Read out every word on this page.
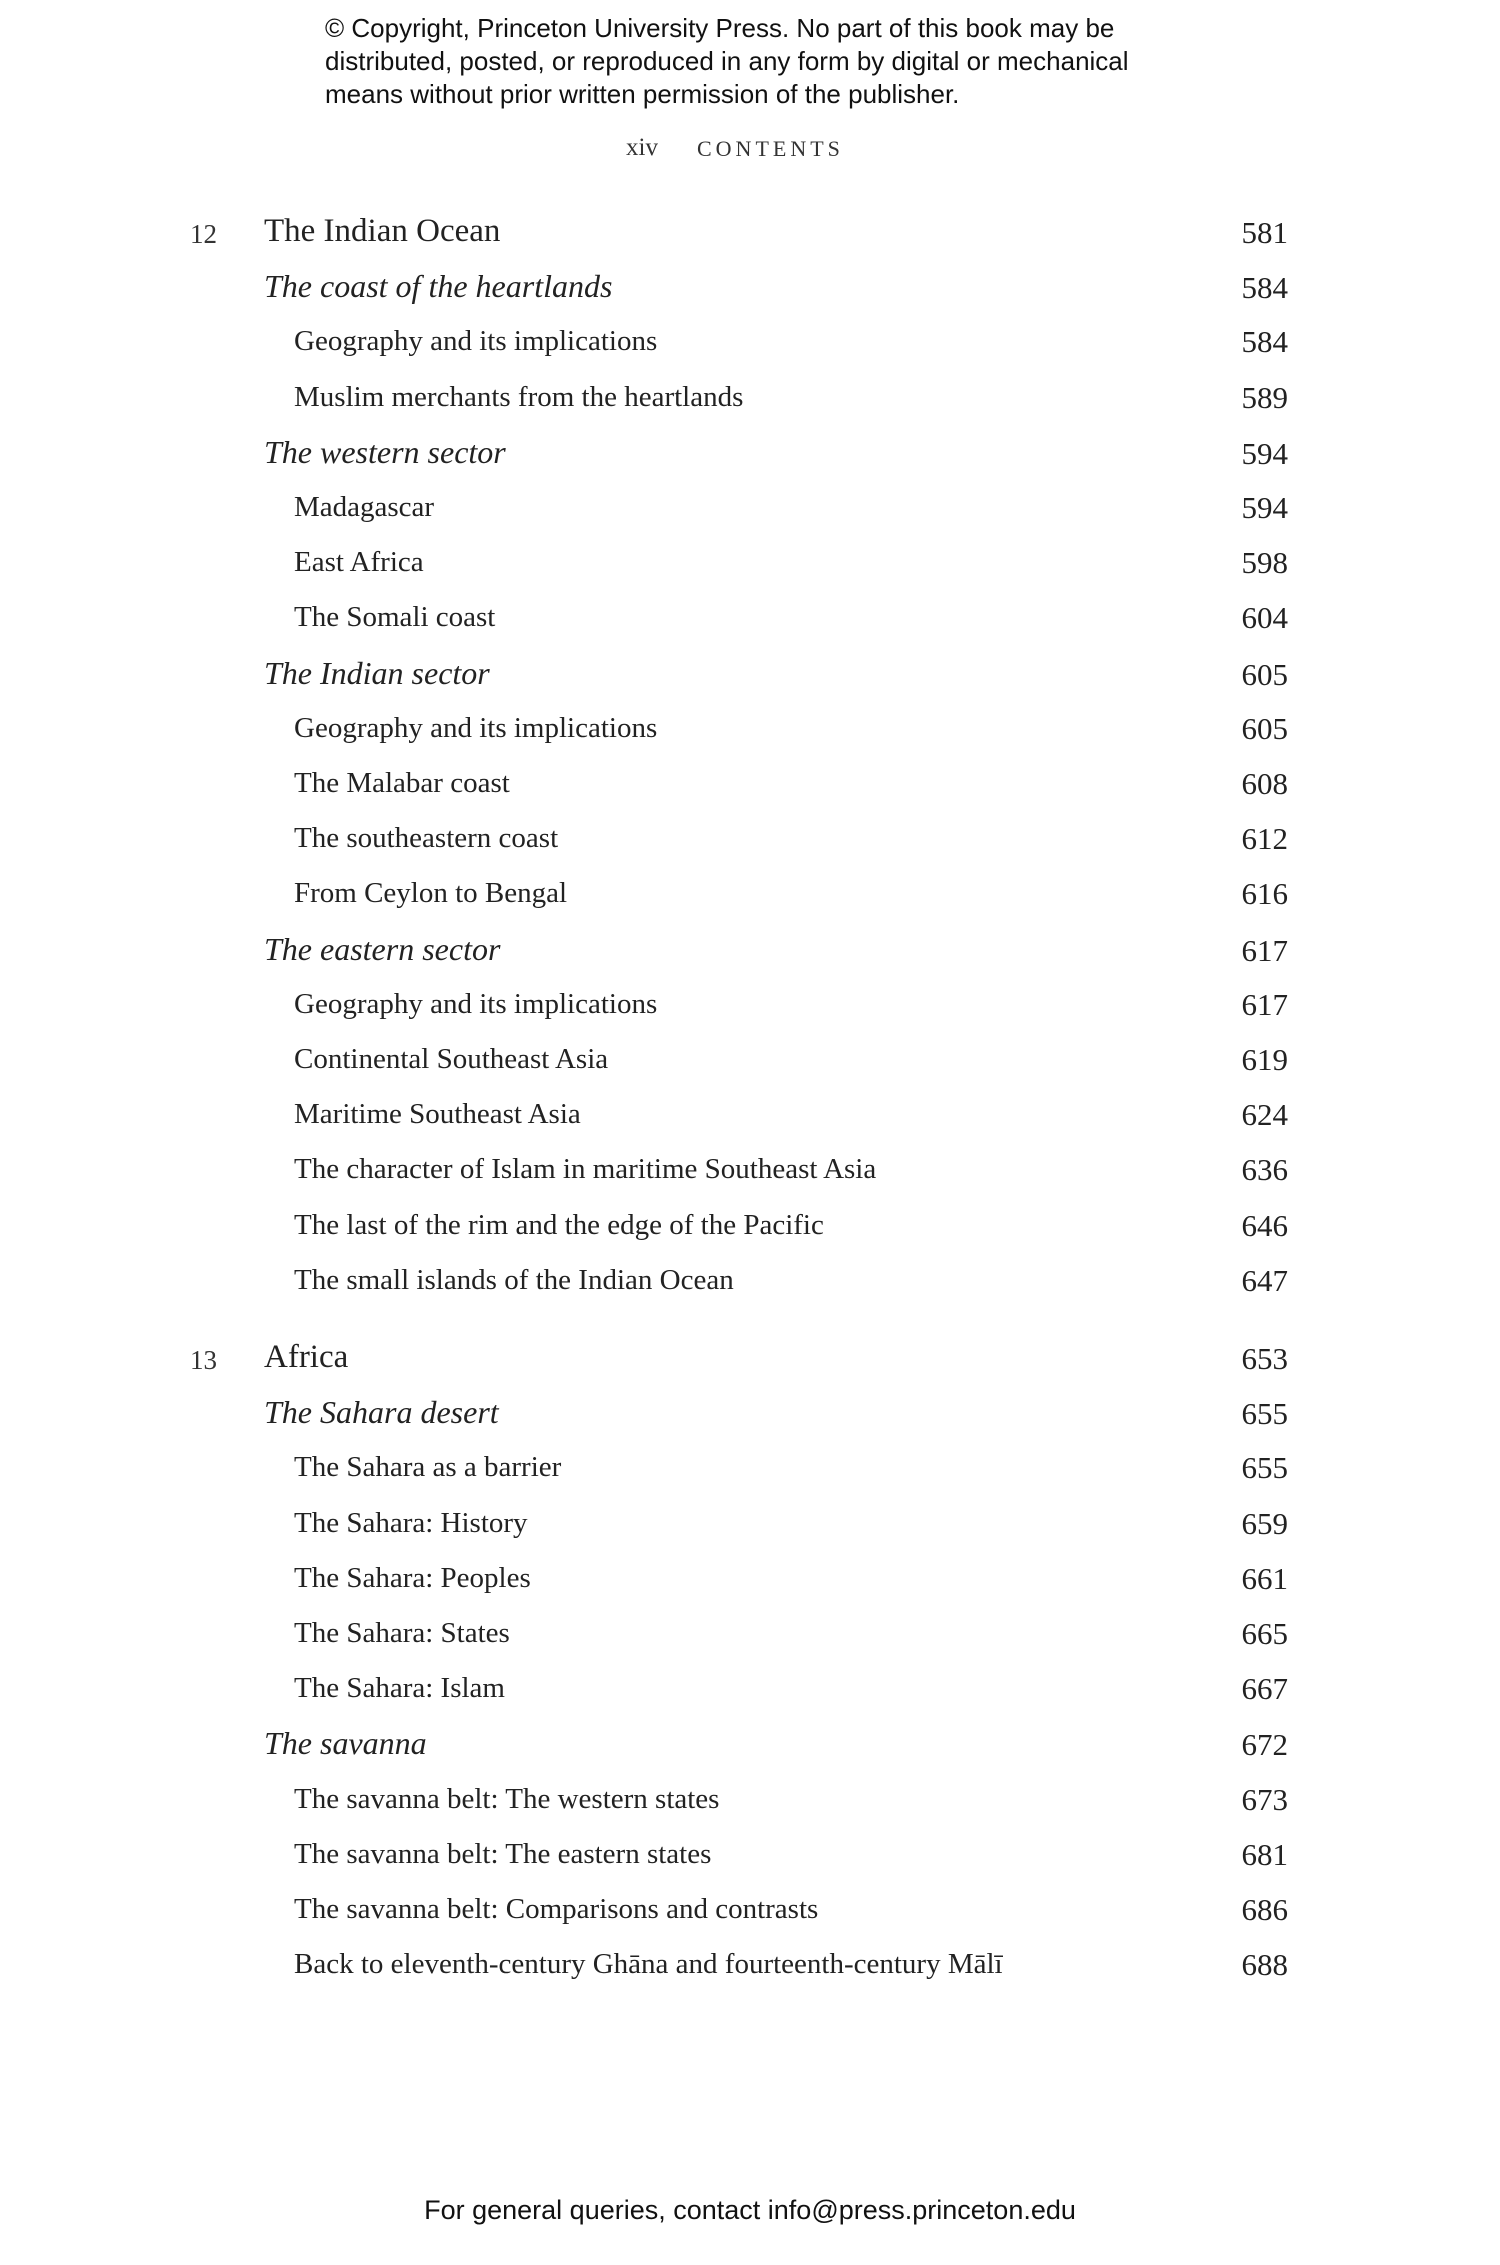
© Copyright, Princeton University Press. No part of this book may be
distributed, posted, or reproduced in any form by digital or mechanical
means without prior written permission of the publisher.
xiv CONTENTS
12 The Indian Ocean	581
The coast of the heartlands	584
Geography and its implications	584
Muslim merchants from the heartlands	589
The western sector	594
Madagascar	594
East Africa	598
The Somali coast	604
The Indian sector	605
Geography and its implications	605
The Malabar coast	608
The southeastern coast	612
From Ceylon to Bengal	616
The eastern sector	617
Geography and its implications	617
Continental Southeast Asia	619
Maritime Southeast Asia	624
The character of Islam in maritime Southeast Asia	636
The last of the rim and the edge of the Pacific	646
The small islands of the Indian Ocean	647
13 Africa	653
The Sahara desert	655
The Sahara as a barrier	655
The Sahara: History	659
The Sahara: Peoples	661
The Sahara: States	665
The Sahara: Islam	667
The savanna	672
The savanna belt: The western states	673
The savanna belt: The eastern states	681
The savanna belt: Comparisons and contrasts	686
Back to eleventh-century Ghāna and fourteenth-century Mālī	688
For general queries, contact info@press.princeton.edu
